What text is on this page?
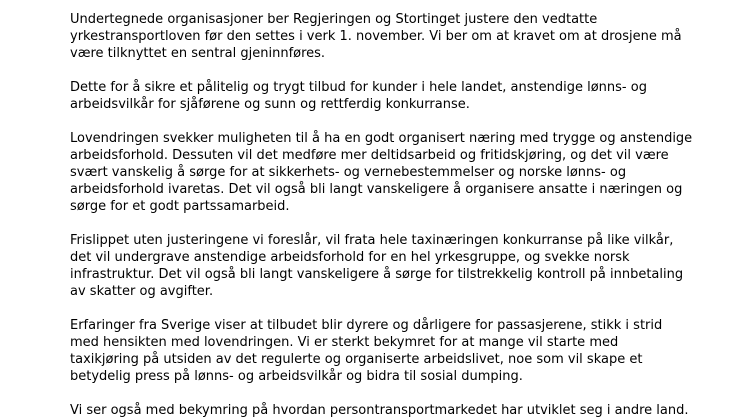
Undertegnede organisasjoner ber Regjeringen og Stortinget justere den vedtatte
yrkestransportloven før den settes i verk 1. november. Vi ber om at kravet om at drosjene må
være tilknyttet en sentral gjeninnføres.

Dette for å sikre et pålitelig og trygt tilbud for kunder i hele landet, anstendige lønns- og
arbeidsvilkår for sjåførene og sunn og rettferdig konkurranse.

Lovendringen svekker muligheten til å ha en godt organisert næring med trygge og anstendige
arbeidsforhold. Dessuten vil det medføre mer deltidsarbeid og fritidskjøring, og det vil være
svært vanskelig å sørge for at sikkerhets- og vernebestemmelser og norske lønns- og
arbeidsforhold ivaretas. Det vil også bli langt vanskeligere å organisere ansatte i næringen og
sørge for et godt partssamarbeid.

Frislippet uten justeringene vi foreslår, vil frata hele taxinæringen konkurranse på like vilkår,
det vil undergrave anstendige arbeidsforhold for en hel yrkesgruppe, og svekke norsk
infrastruktur. Det vil også bli langt vanskeligere å sørge for tilstrekkelig kontroll på innbetaling
av skatter og avgifter.

Erfaringer fra Sverige viser at tilbudet blir dyrere og dårligere for passasjerene, stikk i strid
med hensikten med lovendringen. Vi er sterkt bekymret for at mange vil starte med
taxikjøring på utsiden av det regulerte og organiserte arbeidslivet, noe som vil skape et
betydelig press på lønns- og arbeidsvilkår og bidra til sosial dumping.

Vi ser også med bekymring på hvordan persontransportmarkedet har utviklet seg i andre land.
